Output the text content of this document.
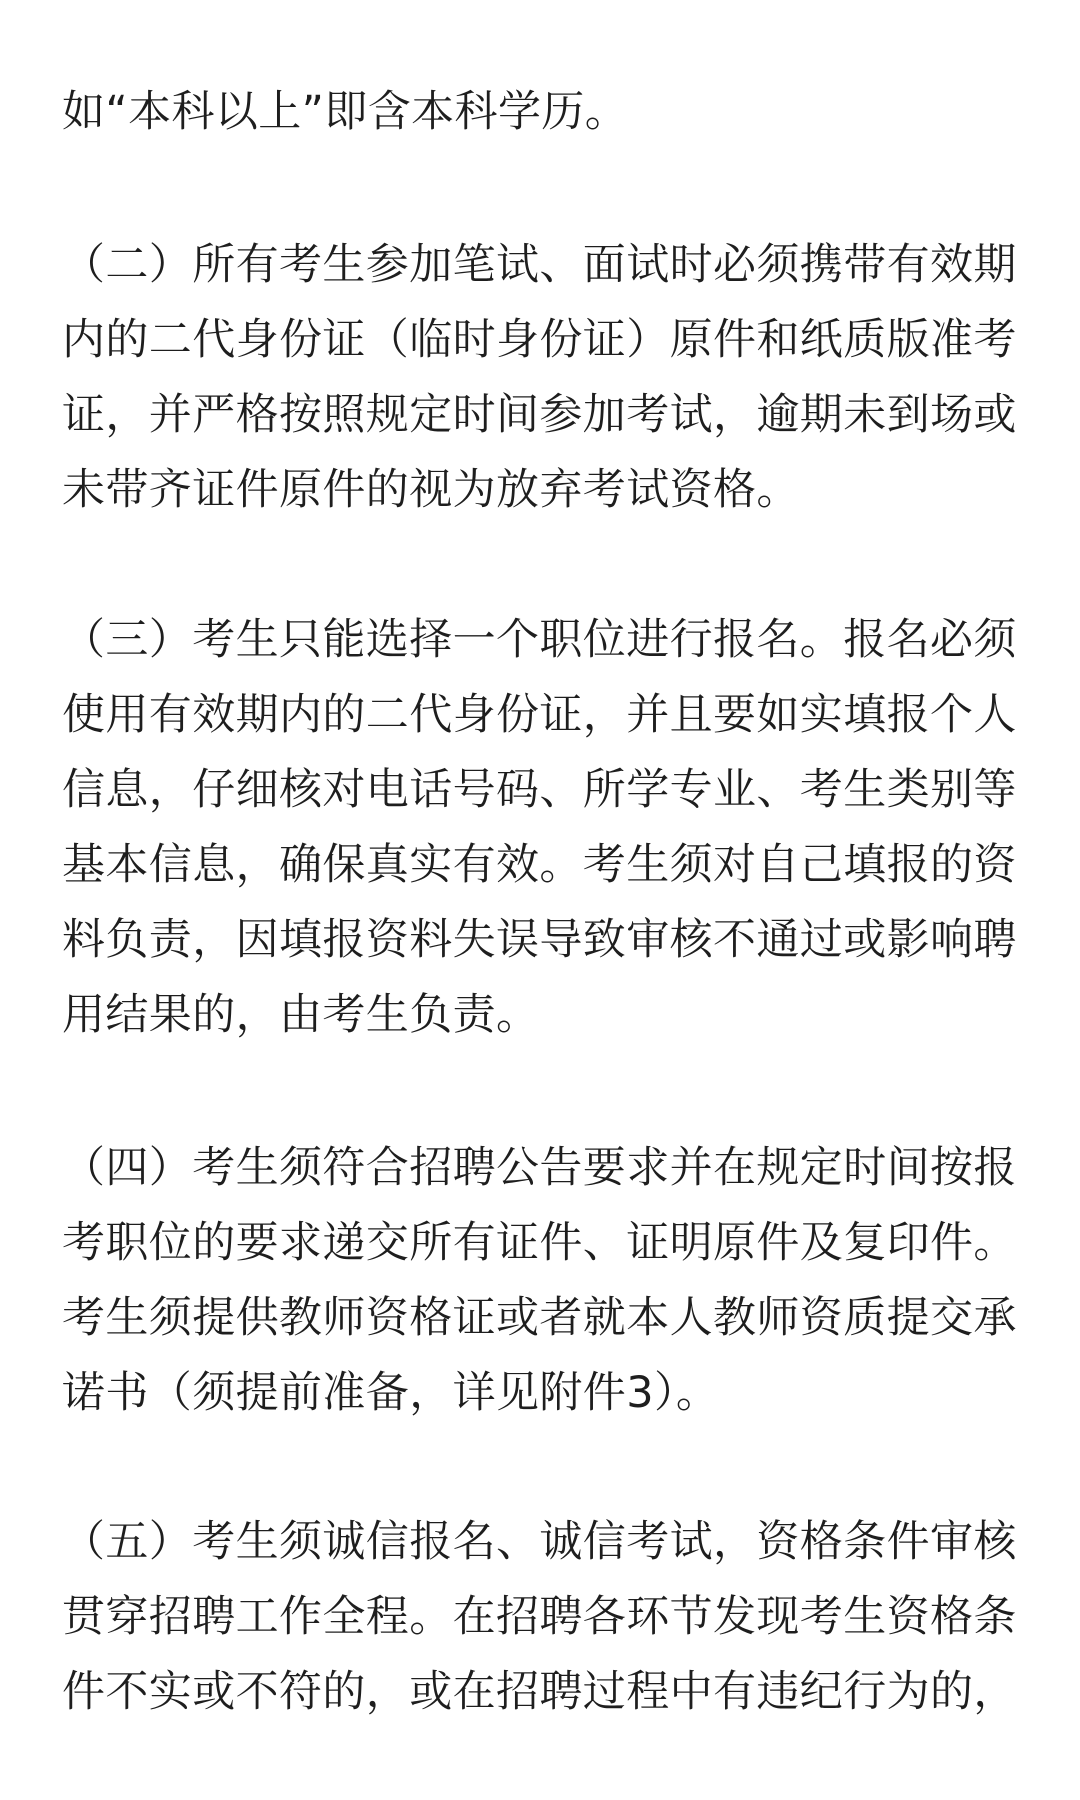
如“本科以上”即含本科学历。

（二）所有考生参加笔试、面试时必须携带有效期

内的二代身份证（临时身份证）原件和纸质版准考

证，并严格按照规定时间参加考试，逾期未到场或

未带齐证件原件的视为放弃考试资格。

（三）考生只能选择一个职位进行报名。报名必须

使用有效期内的二代身份证，并且要如实填报个人

信息，仔细核对电话号码、所学专业、考生类别等

基本信息，确保真实有效。考生须对自己填报的资

料负责，因填报资料失误导致审核不通过或影响聘

用结果的，由考生负责。

（四）考生须符合招聘公告要求并在规定时间按报

考职位的要求递交所有证件、证明原件及复印件。

考生须提供教师资格证或者就本人教师资质提交承

诺书（须提前准备，详见附件3）。

（五）考生须诚信报名、诚信考试，资格条件审核

贯穿招聘工作全程。在招聘各环节发现考生资格条

件不实或不符的，或在招聘过程中有违纪行为的，
